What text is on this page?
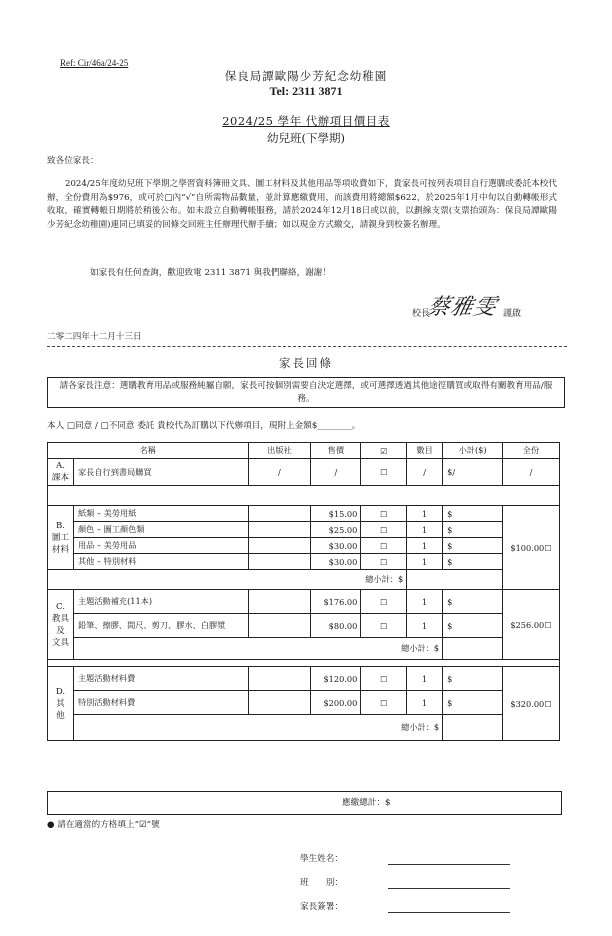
Ref: Cir/46a/24-25
保良局譚歐陽少芳紀念幼稚園
Tel: 2311 3871
2024/25 學年 代辦項目價目表
幼兒班(下學期)
致各位家長：
2024/25年度幼兒班下學期之學習資料簿冊文具、圖工材料及其他用品等項收費如下，貴家長可按列表項目自行選購或委託本校代辦，全份費用為$976，或可於□內“√”自所需物品數量，並計算應繳費用，而該費用將總額$622，於2025年1月中旬以自動轉帳形式收取，確實轉帳日期將於稍後公布。如未設立自動轉帳服務，請於2024年12月18日或以前，以劃線支票(支票抬頭為：保良局譚歐陽少芳紀念幼稚園)連同已填妥的回條交回班主任辦理代辦手續；如以現金方式繳交，請親身到校簽名辦理。
如家長有任何查詢，歡迎致電 2311 3871 與我們聯絡，謝謝！
校長
蔡雅雯 謹啟
二零二四年十二月十三日
家長回條
請各家長注意：選購教育用品或服務純屬自願，家長可按個別需要自決定選擇，或可選擇透過其他途徑購買或取得有關教育用品/服務。
本人 □同意 / □不同意 委託 貴校代為訂購以下代辦項目，現附上金額$________。
名稱		出版社	售價	☑	數目	小計($)	全份
A.
課本	家長自行到書局購買	/	/	☐	/	$/	/

B.
圖工
材料	紙類 – 美勞用紙		$15.00	☐	1	$	$100.00☐
	顏色 – 圖工顏色類		$25.00	☐	1	$	
	用品 – 美勞用品		$30.00	☐	1	$	
	其他 – 特別材料		$30.00	☐	1	$	
總小計：$							
C.
教具
及
文具	主題活動補充(11本)		$176.00	☐	1	$	$256.00☐
	鉛筆、擦膠、間尺、剪刀、膠水、白膠漿		$80.00	☐	1	$	
	總小計：$						

D.
其
他	主題活動材料費		$120.00	☐	1	$	$320.00☐
	特別活動材料費		$200.00	☐	1	$	
	總小計：$						
應繳總計：$
● 請在適當的方格填上“☑”號
學生姓名：
班　　別：
家長簽署：
